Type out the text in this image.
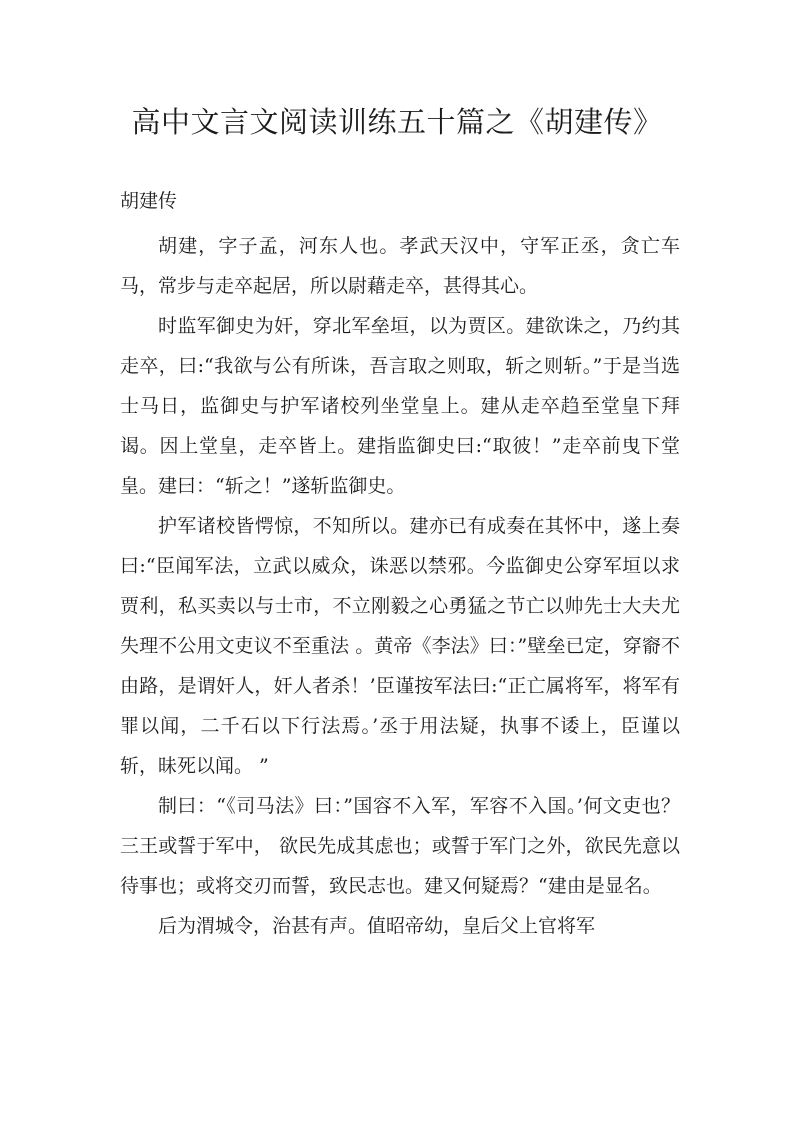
高中文言文阅读训练五十篇之《胡建传》
胡建传

胡建，字子孟，河东人也。孝武天汉中，守军正丞，贪亡车马，常步与走卒起居，所以尉藉走卒，甚得其心。

时监军御史为奸，穿北军垒垣，以为贾区。建欲诛之，乃约其走卒，曰:“我欲与公有所诛，吾言取之则取，斩之则斩。”于是当选士马日，监御史与护军诸校列坐堂皇上。建从走卒趋至堂皇下拜谒。因上堂皇，走卒皆上。建指监御史曰:“取彼！”走卒前曳下堂皇。建曰：“斩之！”遂斩监御史。

护军诸校皆愕惊，不知所以。建亦已有成奏在其怀中，遂上奏曰:“臣闻军法，立武以威众，诛恶以禁邪。今监御史公穿军垣以求贾利，私买卖以与士市，不立刚毅之心勇猛之节亡以帅先士大夫尤失理不公用文吏议不至重法 。黄帝《李法》曰：”壁垒已定，穿窬不由路，是谓奸人，奸人者杀！’臣谨按军法曰:“正亡属将军，将军有罪以闻，二千石以下行法焉。’丞于用法疑，执事不诿上，臣谨以斩，昧死以闻。 ”

制曰：“《司马法》曰：”国容不入军，军容不入国。’何文吏也？三王或誓于军中， 欲民先成其虑也；或誓于军门之外，欲民先意以待事也；或将交刃而誓，致民志也。建又何疑焉？“建由是显名。

后为渭城令，治甚有声。值昭帝幼，皇后父上官将军
